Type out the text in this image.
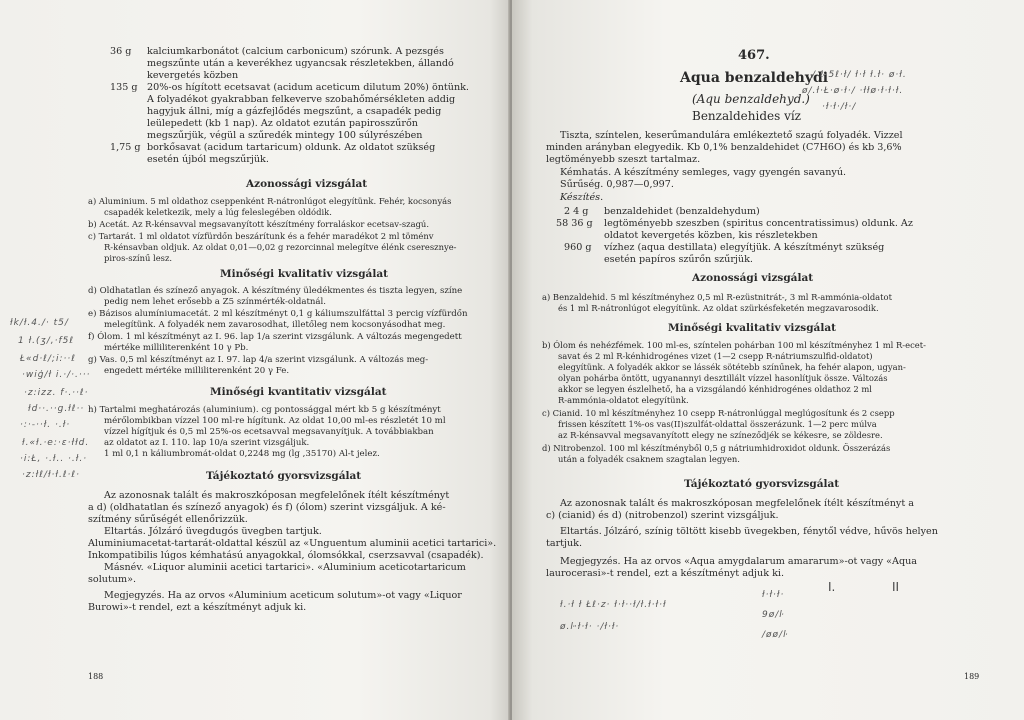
36 g kalciumkarbonátot (calcium carbonicum) szórunk. A pezsgés
megszűnte után a keverékhez ugyancsak részletekben, állandó
kevergetés közben
135 g 20%-os hígított ecetsavat (acidum aceticum dilutum 20%) öntünk.
A folyadékot gyakrabban felkeverve szobahőmérsékleten addig
hagyjuk állni, míg a gázfejlődés megszűnt, a csapadék pedig
leülepedett (kb 1 nap). Az oldatot ezután papirosszűrőn
megszűrjük, végül a szűredék mintegy 100 súlyrészében
1,75 g borkősavat (acidum tartaricum) oldunk. Az oldatot szükség
esetén újból megszűrjük.
Azonossági vizsgálat
a) Aluminium. 5 ml oldathoz cseppenként R-nátronlúgot elegyítünk. Fehér, kocsonyás
csapadék keletkezik, mely a lúg feleslegében oldódik.
b) Acetát. Az R-kénsavval megsavanyított készítmény forraláskor ecetsav-szagú.
c) Tartarát. 1 ml oldatot vízfürdőn beszárítunk és a fehér maradékot 2 ml töménv
R-kénsavban oldjuk. Az oldat 0,01—0,02 g rezorcinnal melegítve élénk cseresznye-
piros-színű lesz.
Minőségi kvalitativ vizsgálat
d) Oldhatatlan és színező anyagok. A készítmény üledékmentes és tiszta legyen, színe
pedig nem lehet erősebb a Z5 színmérték-oldatnál.
e) Bázisos alumíniumacetát. 2 ml készítményt 0,1 g káliumszulfáttal 3 percig vízfürdőn
melegítünk. A folyadék nem zavarosodhat, illetőleg nem kocsonyásodhat meg.
f) Ólom. 1 ml készítményt az I. 96. lap 1/a szerint vizsgálunk. A változás megengedett
mértéke milliliterenként 10 γ Pb.
g) Vas. 0,5 ml készítményt az I. 97. lap 4/a szerint vizsgálunk. A változás meg-
engedett mértéke milliliterenként 20 γ Fe.
Minőségi kvantitativ vizsgálat
h) Tartalmi meghatározás (aluminium). cg pontossággal mért kb 5 g készítményt
mérőlombikban vízzel 100 ml-re hígítunk. Az oldat 10,00 ml-es részletét 10 ml
vízzel hígítjuk és 0,5 ml 25%-os ecetsavval megsavanyítjuk. A továbbiakban
az oldatot az I. 110. lap 10/a szerint vizsgáljuk.
1 ml 0,1 n káliumbromát-oldat 0,2248 mg (lg ,35170) Al-t jelez.
Tájékoztató gyorsvizsgálat
Az azonosnak talált és makroszkóposan megfelelőnek ítélt készítményt
a d) (oldhatatlan és színező anyagok) és f) (ólom) szerint vizsgáljuk. A ké-
szítmény sűrűségét ellenőrizzük.
Eltartás. Jólzáró üvegdugós üvegben tartjuk.
Aluminiumacetat-tartarát-oldattal készül az «Unguentum aluminii acetici tartarici».
Inkompatibilis lúgos kémhatású anyagokkal, ólomsókkal, cserzsavval (csapadék).
Másnév. «Liquor aluminii acetici tartarici». «Aluminium aceticotartaricum
solutum».
Megjegyzés. Ha az orvos «Aluminium aceticum solutum»-ot vagy «Liquor
Burowi»-t rendel, ezt a készítményt adjuk ki.
łk/ł.4./· t5/
1 ł.(ʒ/,·f5ℓ
Ł«d·ℓ/;i:··ℓ
·wiģ/ł i.·/·.···
·z:izz. f·.··ℓ·
łd··.··g.łℓ··
·:·-··ł. ·.ł·
ł.«ł.·e:·ɛ·łłd.
·i:Ł, ·.ł.. ·.ł.·
·z:łℓ/ł·ł.ℓ·ℓ·
188
467.
Aqua benzaldehydi
(Aqu benzaldehyd.)
Benzaldehides víz
/ ℓ·5ℓ·ł/ ł·ł ł.ł· ø·ł.
ø/.ł·Ł·ø·ł·/ ·łłø·ł·ł·ł.
·ł·ł·/ł·/
Tiszta, színtelen, keserűmandulára emlékeztető szagú folyadék. Vizzel
minden arányban elegyedik. Kb 0,1% benzaldehidet (C7H6O) és kb 3,6%
legtöményebb szeszt tartalmaz.
Kémhatás. A készítmény semleges, vagy gyengén savanyú.
Sűrűség. 0,987—0,997.
Készítés.
2 4 g benzaldehidet (benzaldehydum)
58 36 g legtöményebb szeszben (spiritus concentratissimus) oldunk. Az
oldatot kevergetés közben, kis részletekben
960 g vízhez (aqua destillata) elegyítjük. A készítményt szükség
esetén papíros szűrőn szűrjük.
Azonossági vizsgálat
a) Benzaldehid. 5 ml készítményhez 0,5 ml R-ezüstnitrát-, 3 ml R-ammónia-oldatot
és 1 ml R-nátronlúgot elegyítünk. Az oldat szürkésfeketén megzavarosodik.
Minőségi kvalitativ vizsgálat
b) Ólom és nehézfémek. 100 ml-es, színtelen pohárban 100 ml készítményhez 1 ml R-ecet-
savat és 2 ml R-kénhidrogénes vizet (1—2 csepp R-nátriumszulfid-oldatot)
elegyítünk. A folyadék akkor se lássék sötétebb színűnek, ha fehér alapon, ugyan-
olyan pohárba öntött, ugyanannyi desztillált vízzel hasonlítjuk össze. Változás
akkor se legyen észlelhető, ha a vizsgálandó kénhidrogénes oldathoz 2 ml
R-ammónia-oldatot elegyítünk.
c) Cianid. 10 ml készítményhez 10 csepp R-nátronlúggal meglúgosítunk és 2 csepp
frissen készített 1%-os vas(II)szulfát-oldattal összerázunk. 1—2 perc múlva
az R-kénsavval megsavanyított elegy ne színeződjék se kékesre, se zöldesre.
d) Nitrobenzol. 100 ml készítményből 0,5 g nátriumhidroxidot oldunk. Összerázás
után a folyadék csaknem szagtalan legyen.
Tájékoztató gyorsvizsgálat
Az azonosnak talált és makroszkóposan megfelelőnek ítélt készítményt a
c) (cianid) és d) (nitrobenzol) szerint vizsgáljuk.
Eltartás. Jólzáró, színig töltött kisebb üvegekben, fénytől védve, hűvös helyen
tartjuk.
Megjegyzés. Ha az orvos «Aqua amygdalarum amararum»-ot vagy «Aqua
laurocerasi»-t rendel, ezt a készítményt adjuk ki.
ł.·ł ł Łℓ·z· ł·ł··ł/ł.ł·ł·ł
ø.ŀ·ł·ł· ·/ł·ł·
ł·ł·ł·
9ø/ŀ
/øø/ŀ
I.	II
189
